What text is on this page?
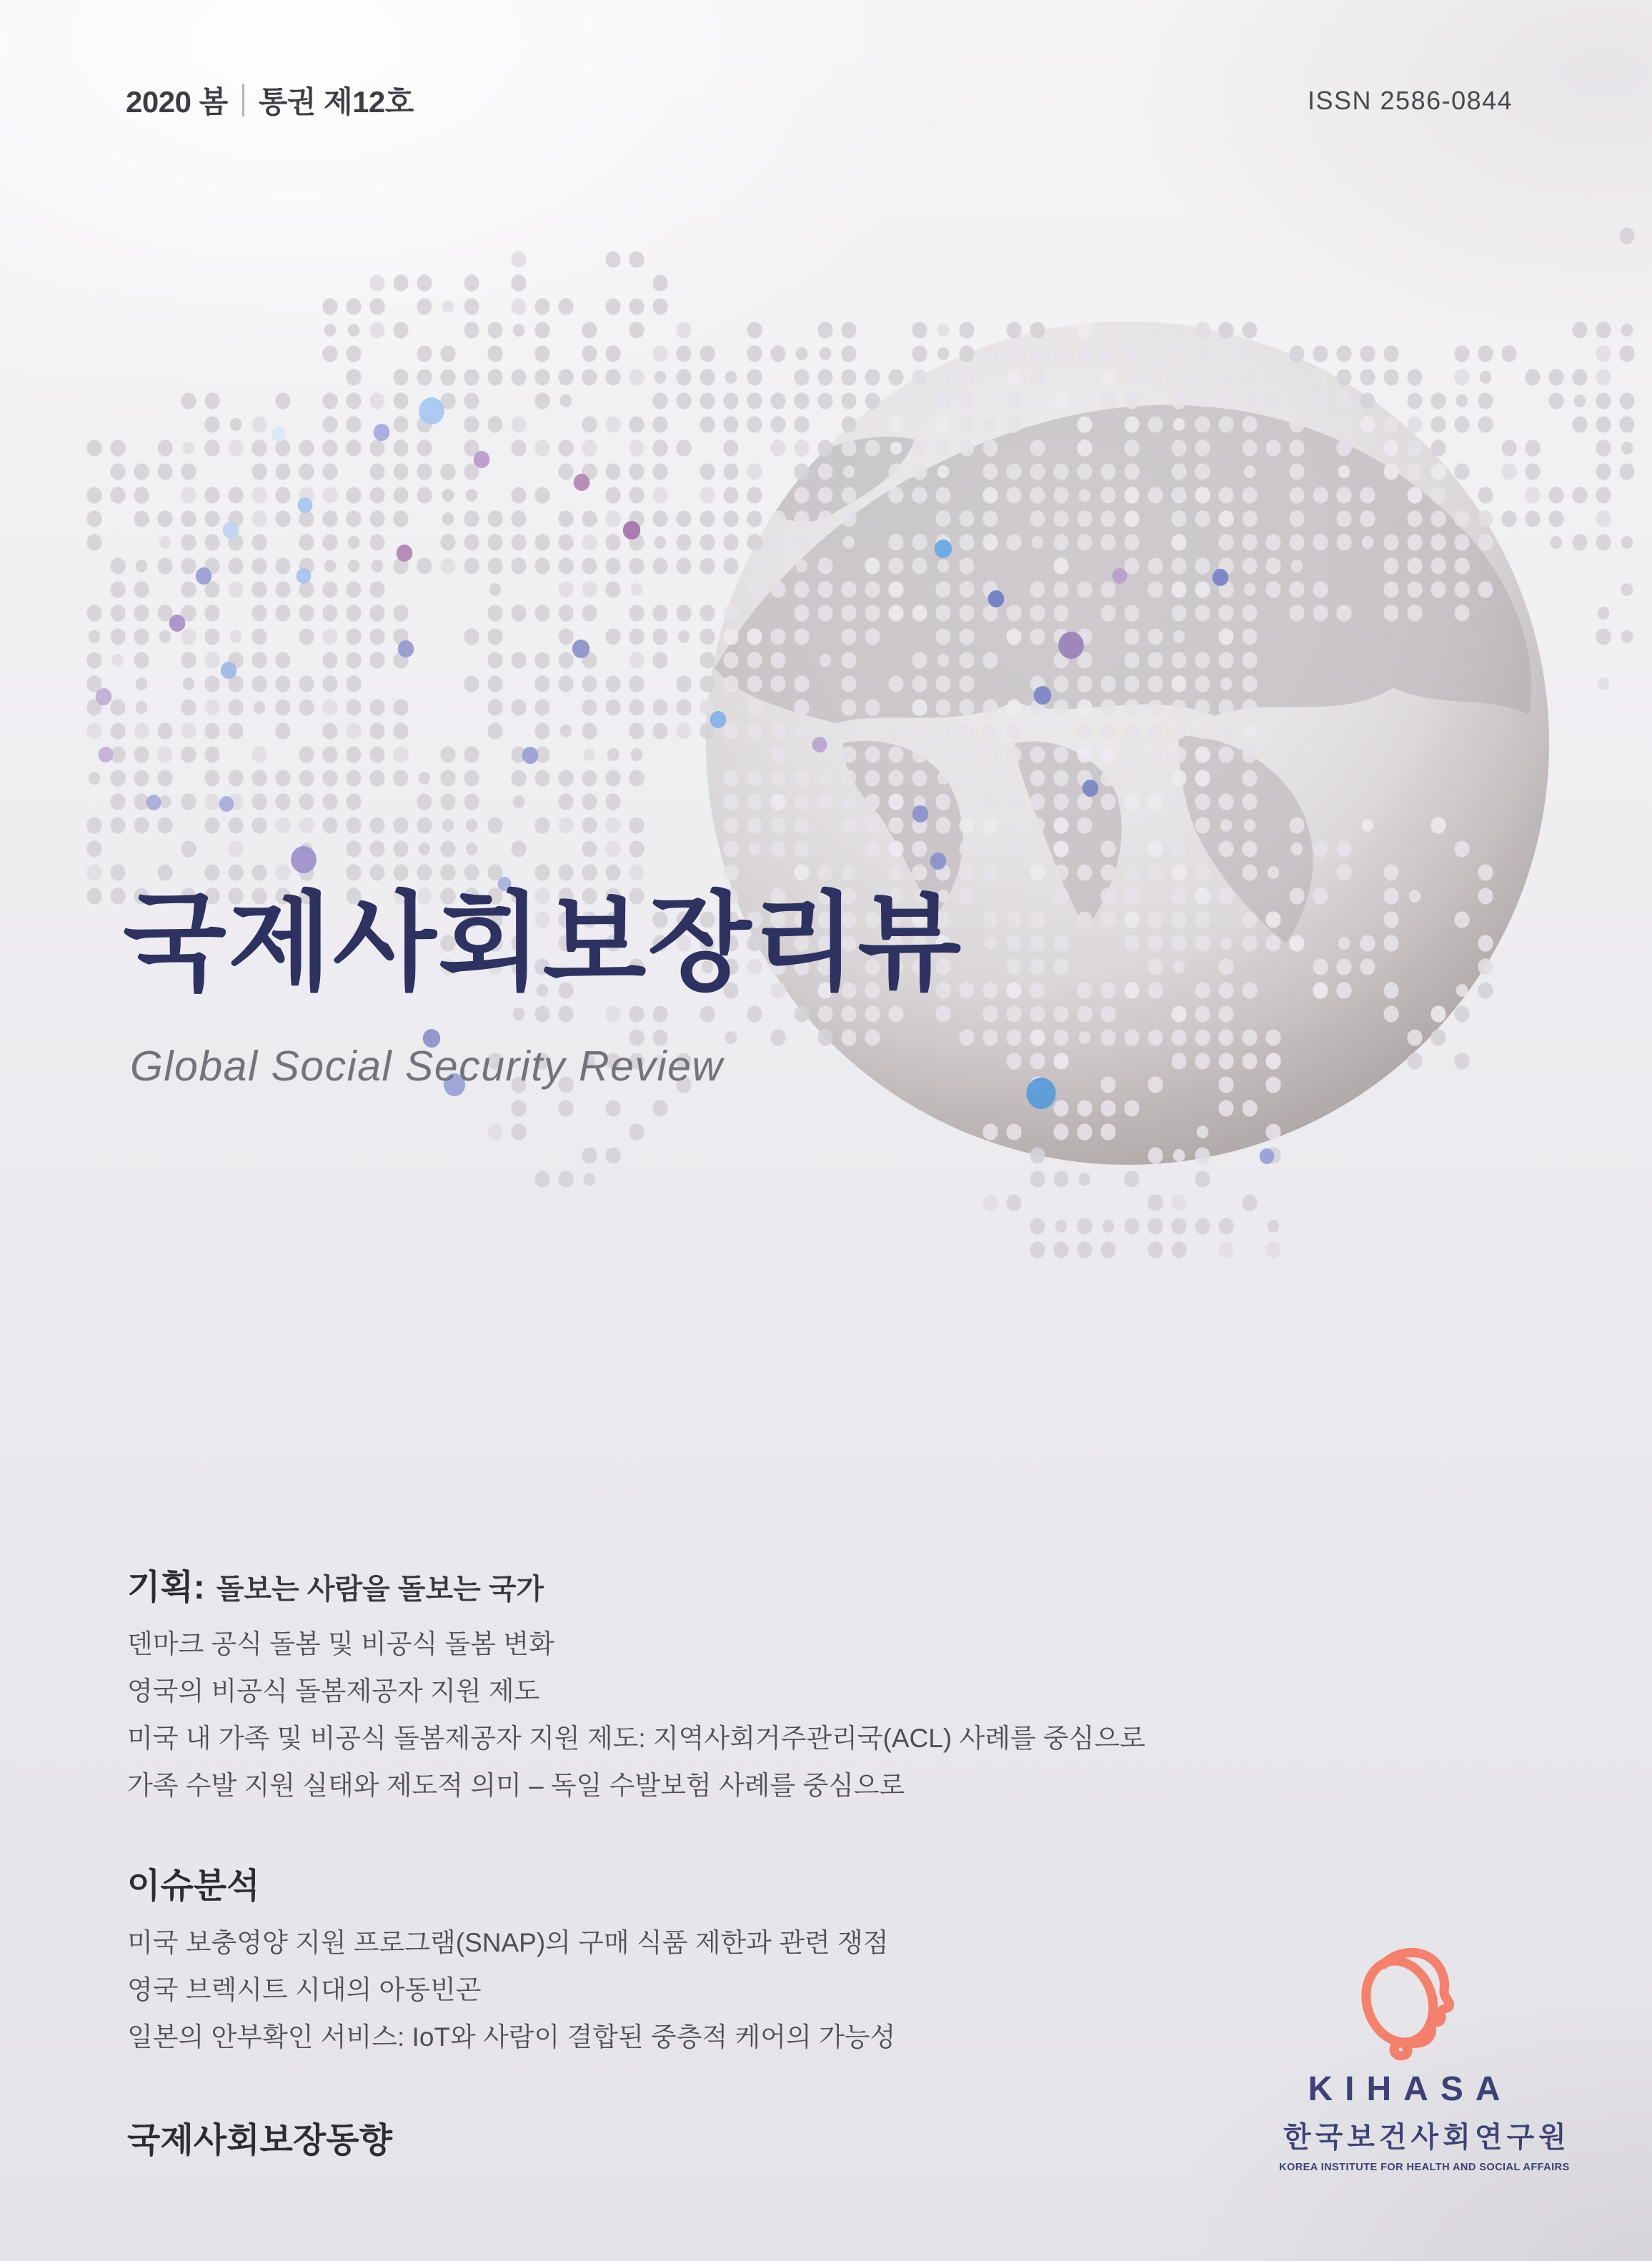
2020 봄 통권 제12호	ISSN 2586-0844
국제사회보장리뷰
Global Social Security Review
기획: 돌보는 사람을 돌보는 국가
덴마크 공식 돌봄 및 비공식 돌봄 변화
영국의 비공식 돌봄제공자 지원 제도
미국 내 가족 및 비공식 돌봄제공자 지원 제도: 지역사회거주관리국(ACL) 사례를 중심으로
가족 수발 지원 실태와 제도적 의미 – 독일 수발보험 사례를 중심으로
이슈분석
미국 보충영양 지원 프로그램(SNAP)의 구매 식품 제한과 관련 쟁점
영국 브렉시트 시대의 아동빈곤
일본의 안부확인 서비스: IoT와 사람이 결합된 중층적 케어의 가능성
국제사회보장동향
KIHASA
한국보건사회연구원
KOREA INSTITUTE FOR HEALTH AND SOCIAL AFFAIRS
